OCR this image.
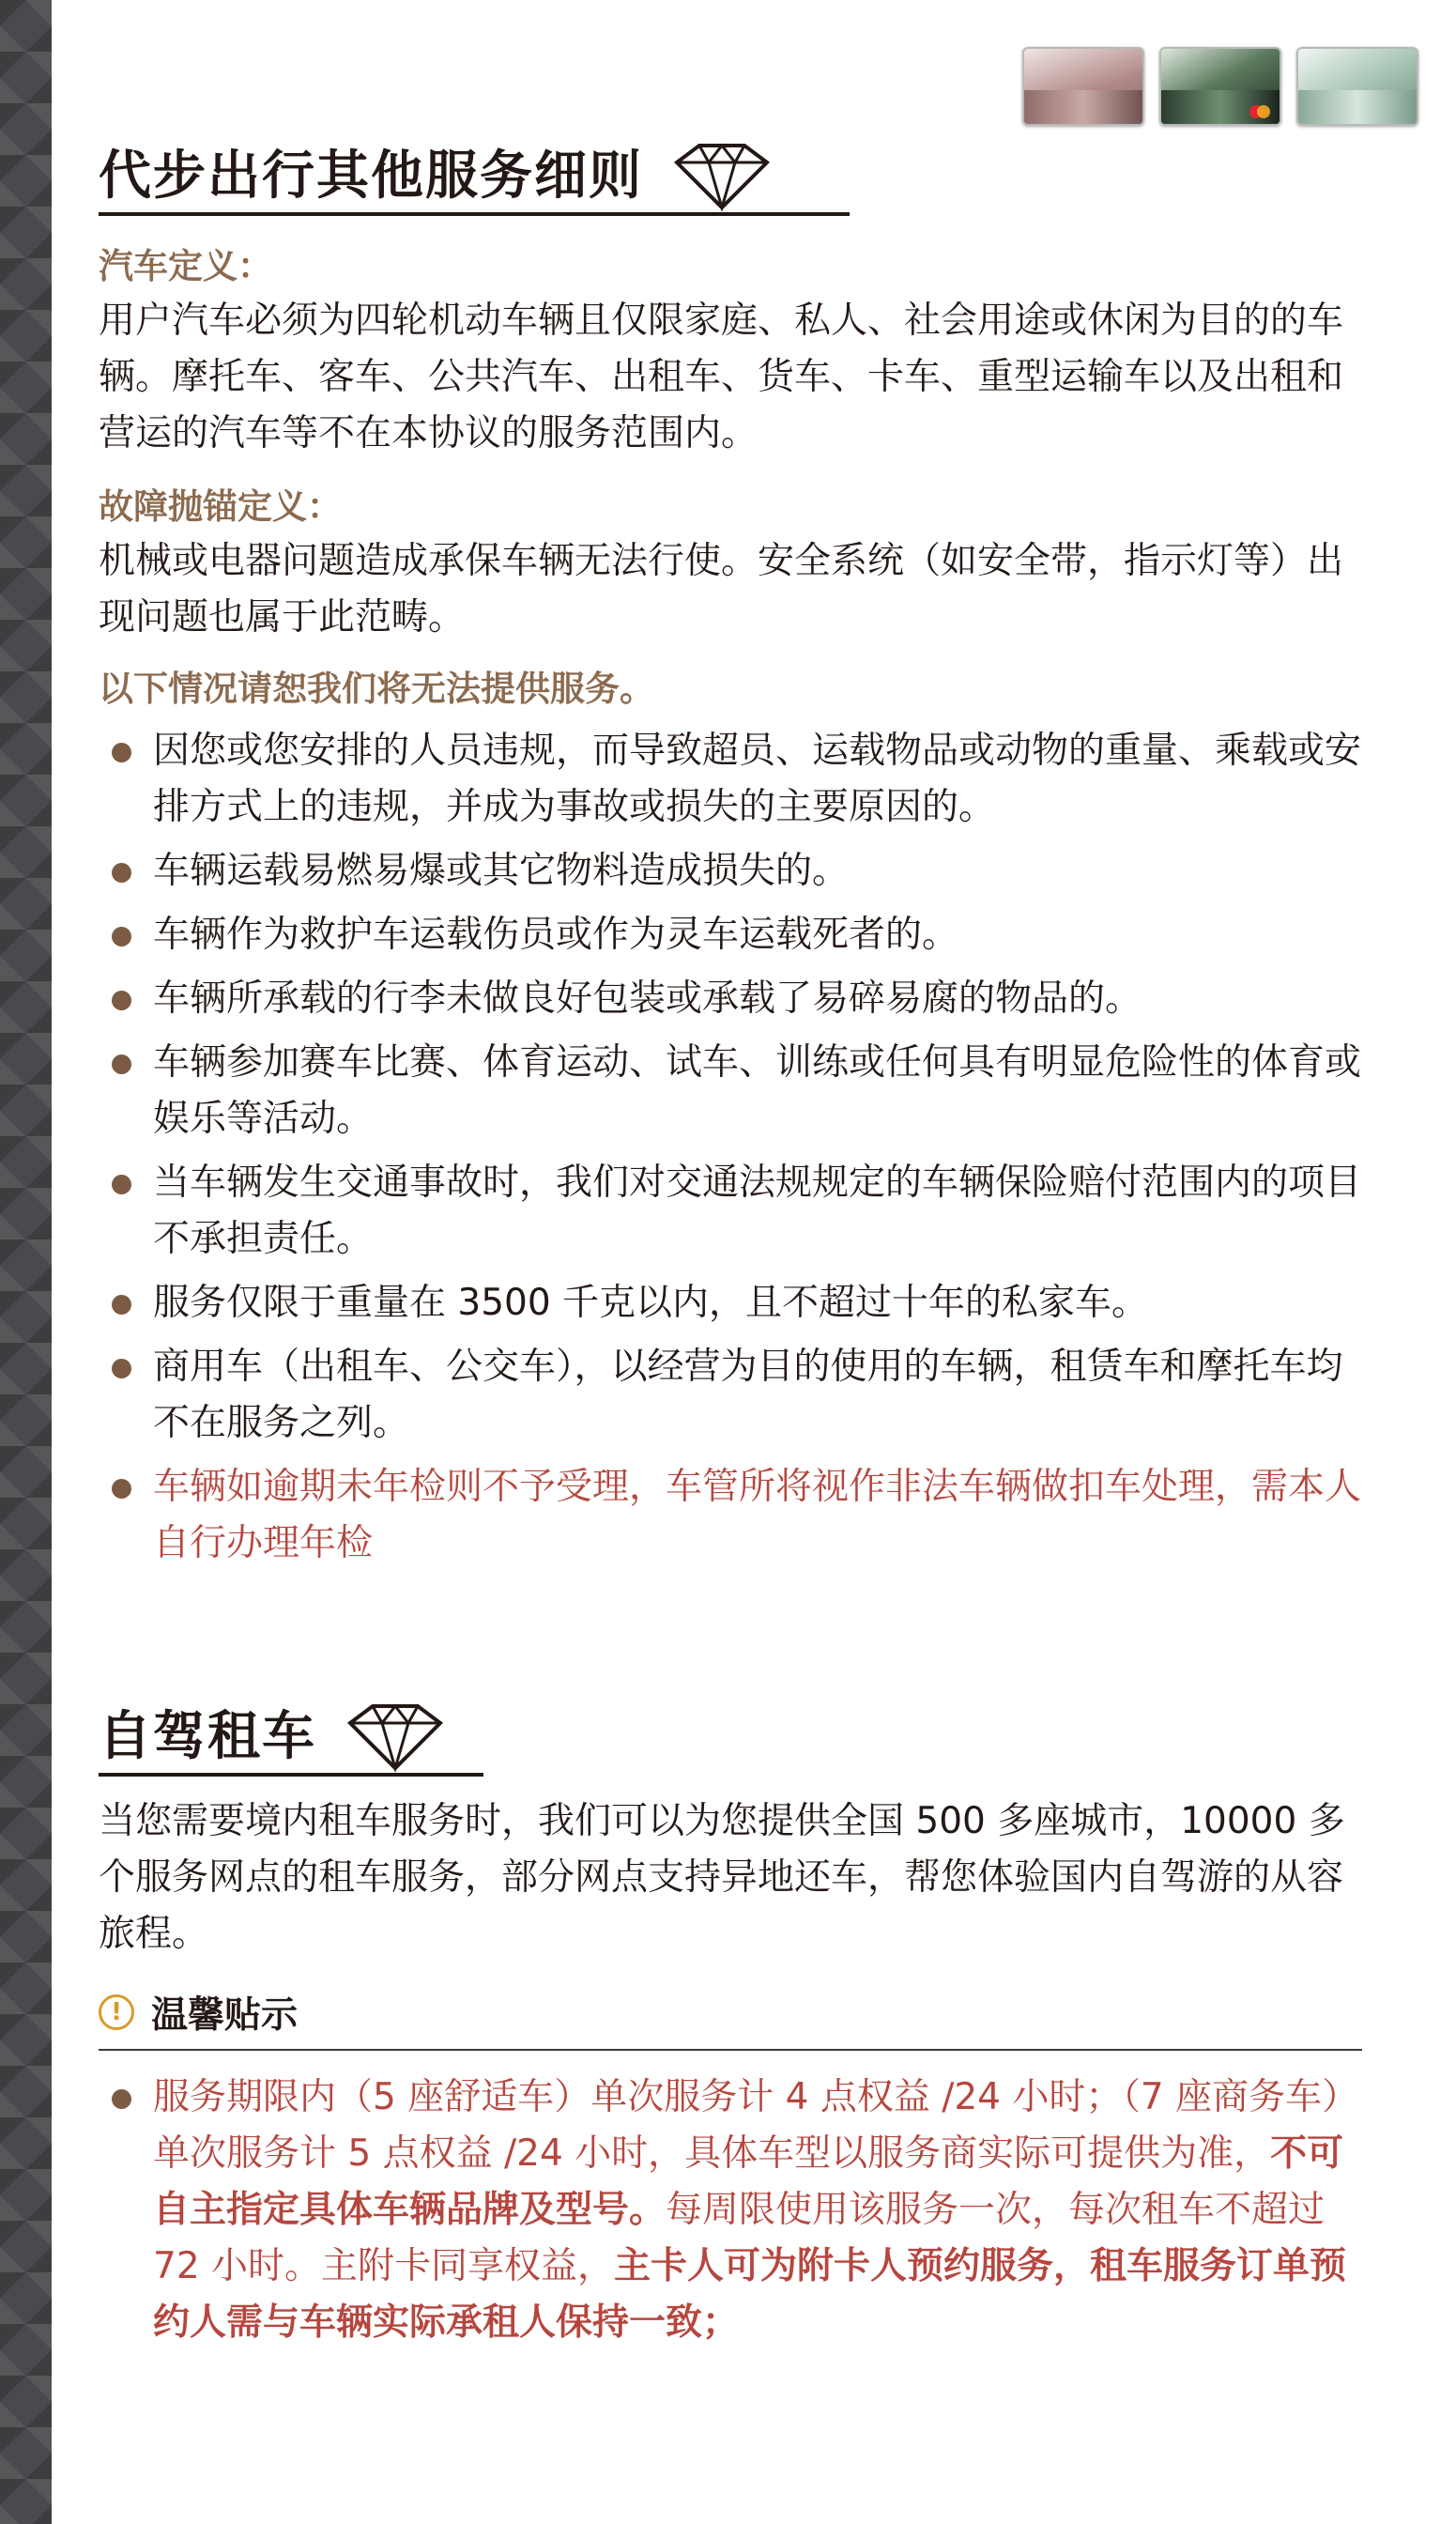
代步出行其他服务细则
汽车定义：
用户汽车必须为四轮机动车辆且仅限家庭、私人、社会用途或休闲为目的的车辆。摩托车、客车、公共汽车、出租车、货车、卡车、重型运输车以及出租和营运的汽车等不在本协议的服务范围内。
故障抛锚定义：
机械或电器问题造成承保车辆无法行使。安全系统（如安全带，指示灯等）出现问题也属于此范畴。
以下情况请恕我们将无法提供服务。
因您或您安排的人员违规，而导致超员、运载物品或动物的重量、乘载或安排方式上的违规，并成为事故或损失的主要原因的。
车辆运载易燃易爆或其它物料造成损失的。
车辆作为救护车运载伤员或作为灵车运载死者的。
车辆所承载的行李未做良好包装或承载了易碎易腐的物品的。
车辆参加赛车比赛、体育运动、试车、训练或任何具有明显危险性的体育或娱乐等活动。
当车辆发生交通事故时，我们对交通法规规定的车辆保险赔付范围内的项目不承担责任。
服务仅限于重量在 3500 千克以内，且不超过十年的私家车。
商用车（出租车、公交车），以经营为目的使用的车辆，租赁车和摩托车均不在服务之列。
车辆如逾期未年检则不予受理，车管所将视作非法车辆做扣车处理，需本人自行办理年检
自驾租车
当您需要境内租车服务时，我们可以为您提供全国 500 多座城市，10000 多个服务网点的租车服务，部分网点支持异地还车，帮您体验国内自驾游的从容旅程。
! 温馨贴示
服务期限内（5 座舒适车）单次服务计 4 点权益 /24 小时；（7 座商务车）单次服务计 5 点权益 /24 小时，具体车型以服务商实际可提供为准，不可自主指定具体车辆品牌及型号。每周限使用该服务一次，每次租车不超过 72 小时。主附卡同享权益，主卡人可为附卡人预约服务，租车服务订单预约人需与车辆实际承租人保持一致；
